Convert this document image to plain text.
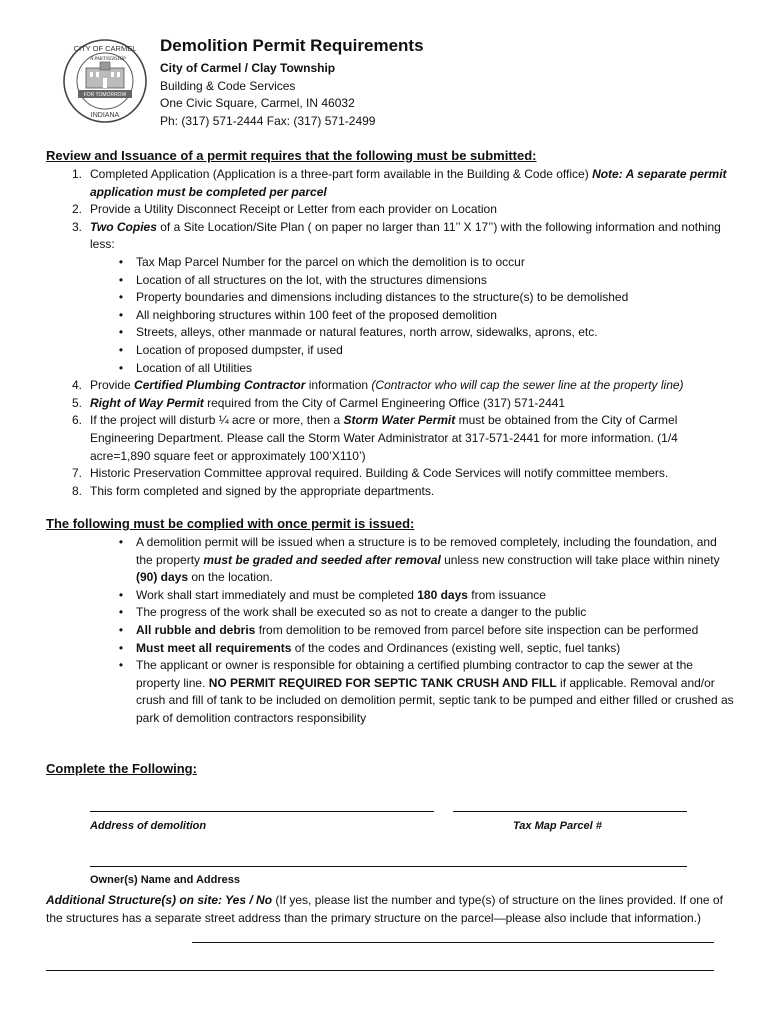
CITY OF CARMEL
A PARTNERSHIP
FOR TOMORROW
INDIANA
Demolition Permit Requirements
City of Carmel / Clay Township
Building & Code Services
One Civic Square, Carmel, IN 46032
Ph: (317) 571-2444 Fax: (317) 571-2499
Review and Issuance of a permit requires that the following must be submitted:
1. Completed Application (Application is a three-part form available in the Building & Code office) Note: A separate permit application must be completed per parcel
2. Provide a Utility Disconnect Receipt or Letter from each provider on Location
3. Two Copies of a Site Location/Site Plan ( on paper no larger than 11’’ X 17’’) with the following information and nothing less:
•	Tax Map Parcel Number for the parcel on which the demolition is to occur
•	Location of all structures on the lot, with the structures dimensions
•	Property boundaries and dimensions including distances to the structure(s) to be demolished
•	All neighboring structures within 100 feet of the proposed demolition
•	Streets, alleys, other manmade or natural features, north arrow, sidewalks, aprons, etc.
•	Location of proposed dumpster, if used
•	Location of all Utilities
4. Provide Certified Plumbing Contractor information (Contractor who will cap the sewer line at the property line)
5. Right of Way Permit required from the City of Carmel Engineering Office (317) 571-2441
6. If the project will disturb ¼ acre or more, then a Storm Water Permit must be obtained from the City of Carmel Engineering Department. Please call the Storm Water Administrator at 317-571-2441 for more information. (1/4 acre=1,890 square feet or approximately 100’X110’)
7. Historic Preservation Committee approval required. Building & Code Services will notify committee members.
8. This form completed and signed by the appropriate departments.
The following must be complied with once permit is issued:
•	A demolition permit will be issued when a structure is to be removed completely, including the foundation, and the property must be graded and seeded after removal unless new construction will take place within ninety (90) days on the location.
•	Work shall start immediately and must be completed 180 days from issuance
•	The progress of the work shall be executed so as not to create a danger to the public
•	All rubble and debris from demolition to be removed from parcel before site inspection can be performed
•	Must meet all requirements of the codes and Ordinances (existing well, septic, fuel tanks)
•	The applicant or owner is responsible for obtaining a certified plumbing contractor to cap the sewer at the property line. NO PERMIT REQUIRED FOR SEPTIC TANK CRUSH AND FILL if applicable. Removal and/or crush and fill of tank to be included on demolition permit, septic tank to be pumped and either filled or crushed as park of demolition contractors responsibility
Complete the Following:
Address of demolition	Tax Map Parcel #
Owner(s) Name and Address
Additional Structure(s) on site: Yes / No (If yes, please list the number and type(s) of structure on the lines provided. If one of the structures has a separate street address than the primary structure on the parcel—please also include that information.)
